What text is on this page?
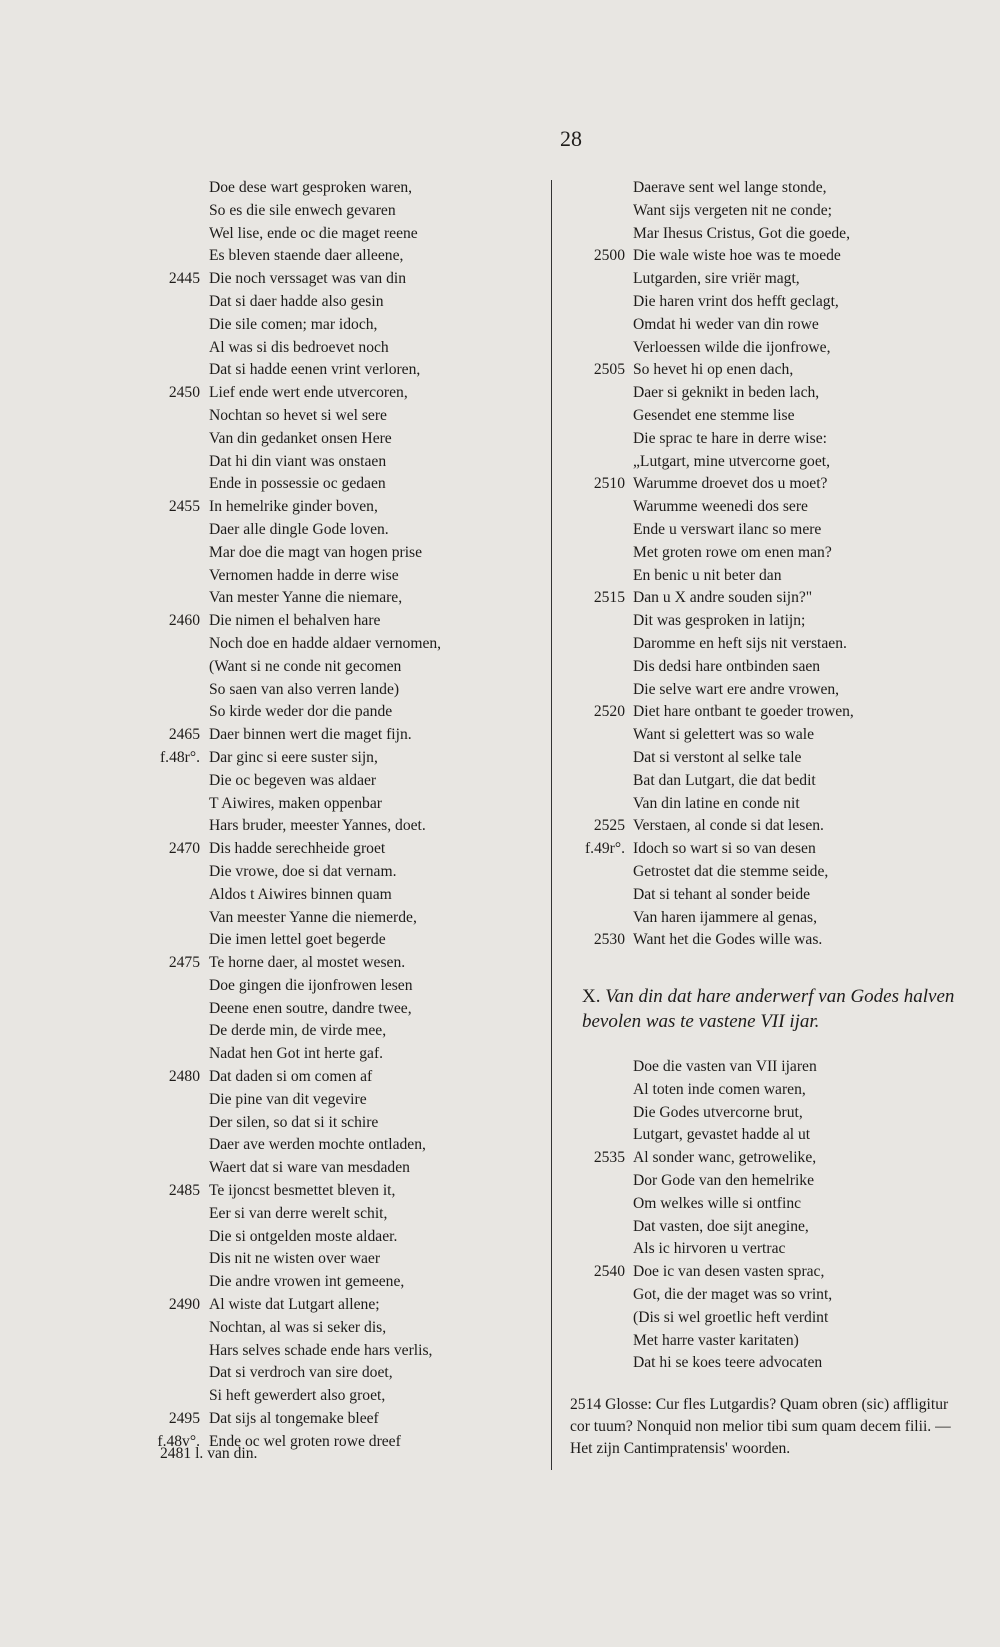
28
Doe dese wart gesproken waren,
So es die sile enwech gevaren
Wel lise, ende oc die maget reene
Es bleven staende daer alleene,
2445 Die noch verssaget was van din
Dat si daer hadde also gesin
Die sile comen; mar idoch,
Al was si dis bedroevet noch
Dat si hadde eenen vrint verloren,
2450 Lief ende wert ende utvercoren,
Nochtan so hevet si wel sere
Van din gedanket onsen Here
Dat hi din viant was onstaen
Ende in possessie oc gedaen
2455 In hemelrike ginder boven,
Daer alle dingle Gode loven.
Mar doe die magt van hogen prise
Vernomen hadde in derre wise
Van mester Yanne die niemare,
2460 Die nimen el behalven hare
Noch doe en hadde aldaer vernomen,
(Want si ne conde nit gecomen
So saen van also verren lande)
So kirde weder dor die pande
2465 Daer binnen wert die maget fijn.
f.48r°. Dar ginc si eere suster sijn,
Die oc begeven was aldaer
T Aiwires, maken oppenbar
Hars bruder, meester Yannes, doet.
2470 Dis hadde serechheide groet
Die vrowe, doe si dat vernam.
Aldos t Aiwires binnen quam
Van meester Yanne die niemerde,
Die imen lettel goet begerde
2475 Te horne daer, al mostet wesen.
Doe gingen die ijonfrowen lesen
Deene enen soutre, dandre twee,
De derde min, de virde mee,
Nadat hen Got int herte gaf.
2480 Dat daden si om comen af
Die pine van dit vegevire
Der silen, so dat si it schire
Daer ave werden mochte ontladen,
Waert dat si ware van mesdaden
2485 Te ijoncst besmettet bleven it,
Eer si van derre werelt schit,
Die si ontgelden moste aldaer.
Dis nit ne wisten over waer
Die andre vrowen int gemeene,
2490 Al wiste dat Lutgart allene;
Nochtan, al was si seker dis,
Hars selves schade ende hars verlis,
Dat si verdroch van sire doet,
Si heft gewerdert also groet,
2495 Dat sijs al tongemake bleef
f.48v°. Ende oc wel groten rowe dreef
Daerave sent wel lange stonde,
Want sijs vergeten nit ne conde;
Mar Ihesus Cristus, Got die goede,
2500 Die wale wiste hoe was te moede
Lutgarden, sire vriër magt,
Die haren vrint dos hefft geclagt,
Omdat hi weder van din rowe
Verloessen wilde die ijonfrowe,
2505 So hevet hi op enen dach,
Daer si geknikt in beden lach,
Gesendet ene stemme lise
Die sprac te hare in derre wise:
„Lutgart, mine utvercorne goet,
2510 Warumme droevet dos u moet?
Warumme weenedi dos sere
Ende u verswart ilanc so mere
Met groten rowe om enen man?
En benic u nit beter dan
2515 Dan u X andre souden sijn?"
Dit was gesproken in latijn;
Daromme en heft sijs nit verstaen.
Dis dedsi hare ontbinden saen
Die selve wart ere andre vrowen,
2520 Diet hare ontbant te goeder trowen,
Want si gelettert was so wale
Dat si verstont al selke tale
Bat dan Lutgart, die dat bedit
Van din latine en conde nit
2525 Verstaen, al conde si dat lesen.
f.49r°. Idoch so wart si so van desen
Getrostet dat die stemme seide,
Dat si tehant al sonder beide
Van haren ijammere al genas,
2530 Want het die Godes wille was.
2481 l. van din.
X. Van din dat hare anderwerf van Godes halven bevolen was te vastene VII ijar.
Doe die vasten van VII ijaren
Al toten inde comen waren,
Die Godes utvercorne brut,
Lutgart, gevastet hadde al ut
2535 Al sonder wanc, getrowelike,
Dor Gode van den hemelrike
Om welkes wille si ontfinc
Dat vasten, doe sijt anegine,
Als ic hirvoren u vertrac
2540 Doe ic van desen vasten sprac,
Got, die der maget was so vrint,
(Dis si wel groetlic heft verdint
Met harre vaster karitaten)
Dat hi se koes teere advocaten
2514 Glosse: Cur fles Lutgardis? Quam obren (sic) affligitur cor tuum? Nonquid non melior tibi sum quam decem filii. — Het zijn Cantimpratensis' woorden.
